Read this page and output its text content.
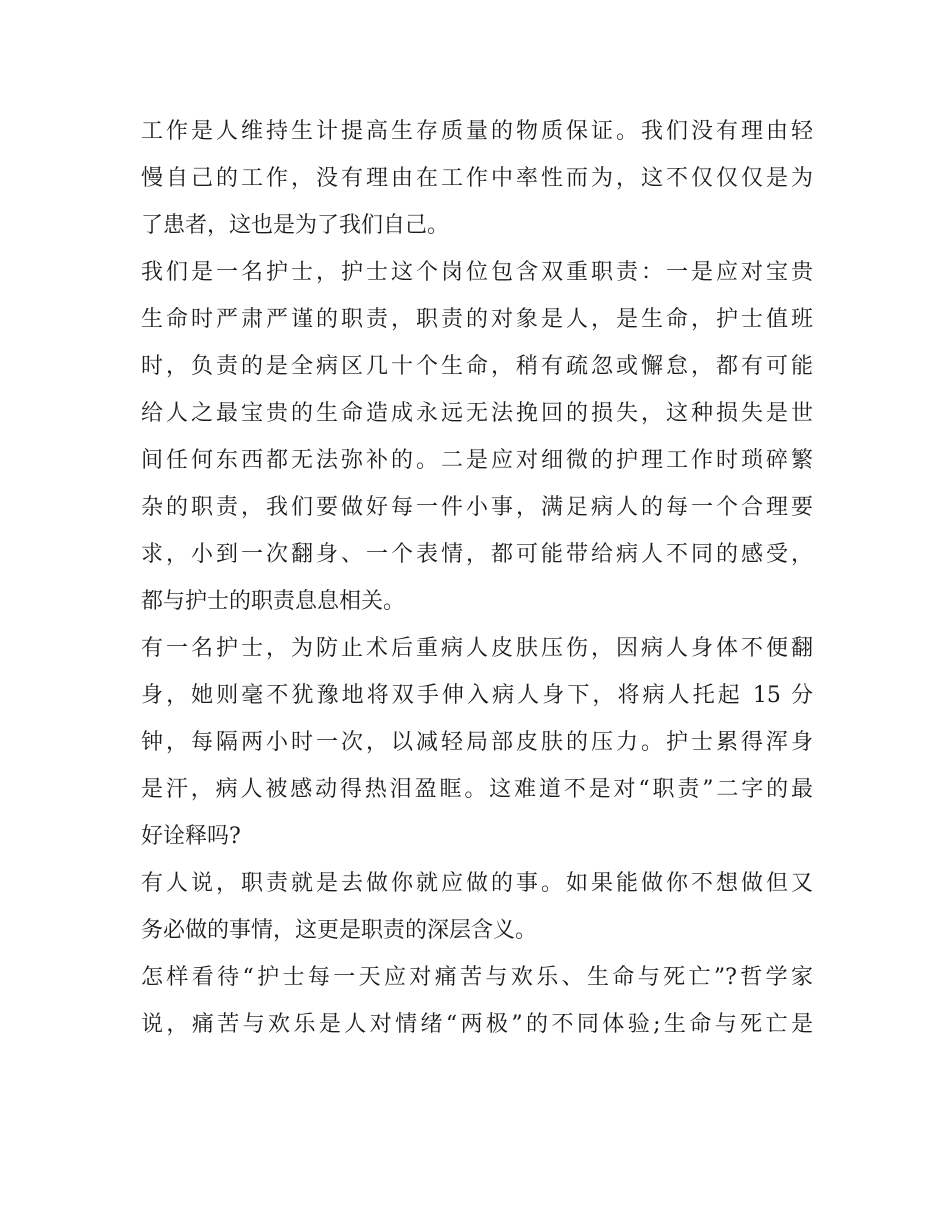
工作是人维持生计提高生存质量的物质保证。我们没有理由轻
慢自己的工作，没有理由在工作中率性而为，这不仅仅仅是为
了患者，这也是为了我们自己。
我们是一名护士，护士这个岗位包含双重职责：一是应对宝贵
生命时严肃严谨的职责，职责的对象是人，是生命，护士值班
时，负责的是全病区几十个生命，稍有疏忽或懈怠，都有可能
给人之最宝贵的生命造成永远无法挽回的损失，这种损失是世
间任何东西都无法弥补的。二是应对细微的护理工作时琐碎繁
杂的职责，我们要做好每一件小事，满足病人的每一个合理要
求，小到一次翻身、一个表情，都可能带给病人不同的感受，
都与护士的职责息息相关。
有一名护士，为防止术后重病人皮肤压伤，因病人身体不便翻
身，她则毫不犹豫地将双手伸入病人身下，将病人托起 15 分
钟，每隔两小时一次，以减轻局部皮肤的压力。护士累得浑身
是汗，病人被感动得热泪盈眶。这难道不是对“职责”二字的最
好诠释吗?
有人说，职责就是去做你就应做的事。如果能做你不想做但又
务必做的事情，这更是职责的深层含义。
怎样看待“护士每一天应对痛苦与欢乐、生命与死亡”?哲学家
说，痛苦与欢乐是人对情绪“两极”的不同体验;生命与死亡是
